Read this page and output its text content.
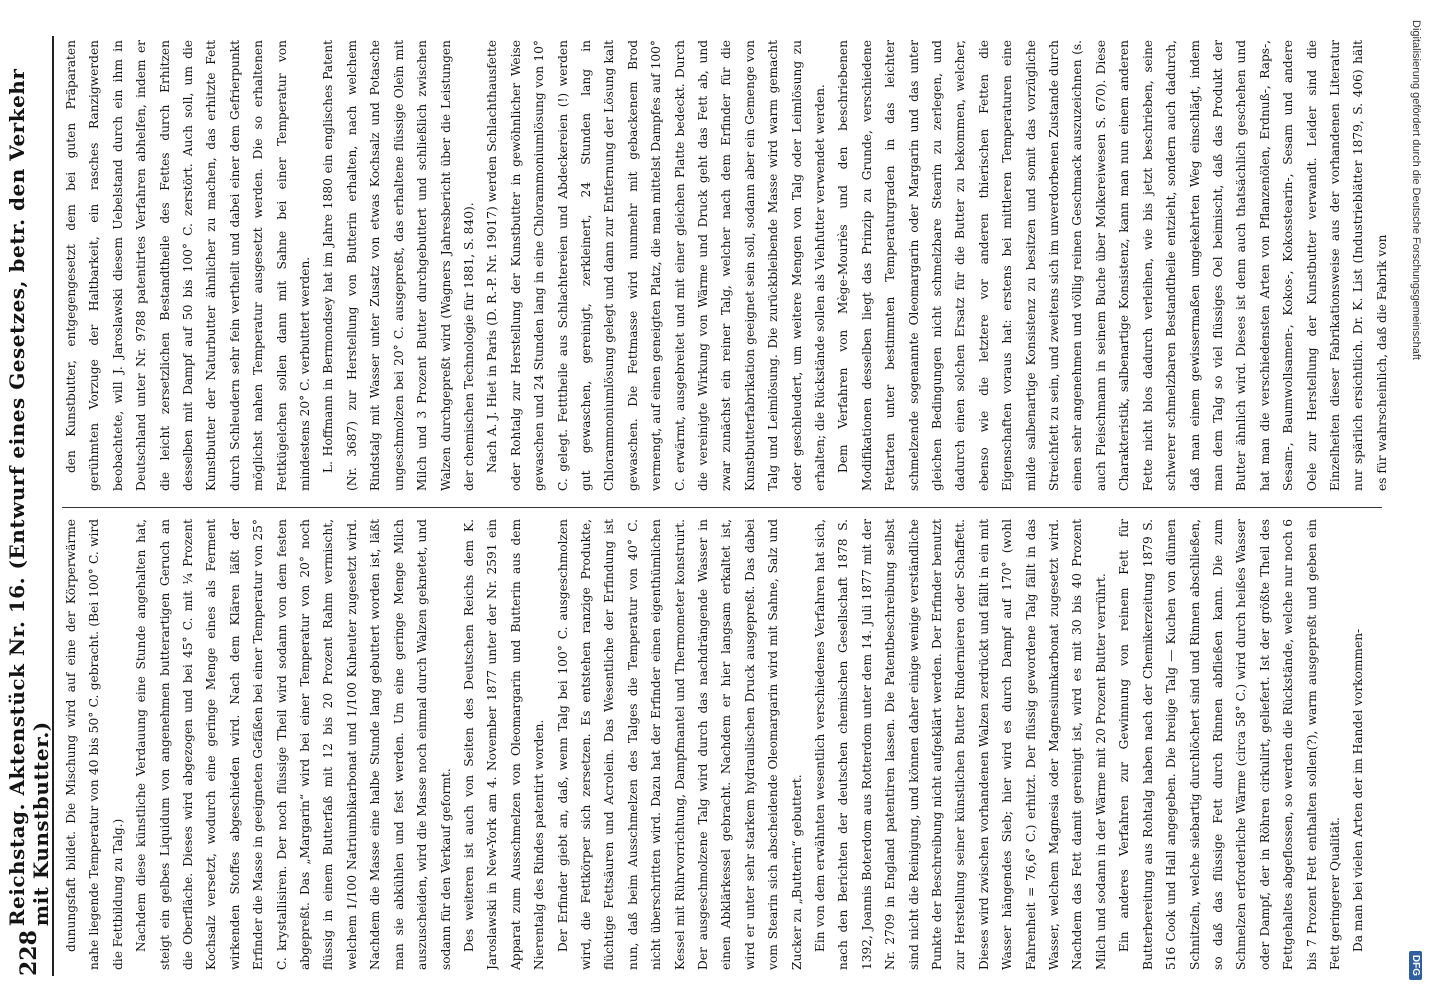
228
Reichstag. Aktenstück Nr. 16. (Entwurf eines Gesetzes, betr. den Verkehr mit Kunstbutter.) dunungsfaft bildet. Die Mischung wird auf eine der Körperwärme nahe liegende Temperatur von 40 bis 50° C. gebracht. (Bei 100° C. wird die Fettbildung zu Talg.) Nachdem diese künstliche Verdauung eine Stunde angehalten hat, steigt ein gelbes Liquidum von angenehmen butterartigen Geruch an die Oberfläche. Dieses wird abgezogen und bei 45° C. mit ¼ Prozent Kochsalz versetzt, wodurch eine geringe Menge eines als Ferment wirkenden Stoffes abgeschieden wird. Nach dem Klären läßt der Erfinder die Masse in geeigneten Gefäßen bei einer Temperatur von 25° C. krystallisiren. Der noch flüssige Theil wird sodann von dem festen abgepreßt. Das „Margarin“ wird bei einer Temperatur von 20° noch flüssig in einem Butterfaß mit 12 bis 20 Prozent Rahm vermischt, welchem 1/100 Natriumbikarbonat und 1/100 Kuheuter zugesetzt wird. Nachdem die Masse eine halbe Stunde lang gebuttert worden ist, läßt man sie abkühlen und fest werden. Um eine geringe Menge Milch auszuscheiden, wird die Masse noch einmal durch Walzen geknetet, und sodann für den Verkauf geformt. Des weiteren ist auch von Seiten des Deutschen Reichs dem K. Jaroslawski in New-York am 4. November 1877 unter der Nr. 2591 ein Apparat zum Ausschmelzen von Oleomargarin und Butterin aus dem Nierentalg des Rindes patentirt worden. Der Erfinder giebt an, daß, wenn Talg bei 100° C. ausgeschmolzen wird, die Fettkörper sich zersetzen. Es entstehen ranzige Produkte, flüchtige Fettsäuren und Acrolein. Das Wesentliche der Erfindung ist nun, daß beim Ausschmelzen des Talges die Temperatur von 40° C. nicht überschritten wird. Dazu hat der Erfinder einen eigenthümlichen Kessel mit Rührvorrichtung, Dampfmantel und Thermometer konstruirt. Der ausgeschmolzene Talg wird durch das nachdrängende Wasser in einen Abklärkessel gebracht. Nachdem er hier langsam erkaltet ist, wird er unter sehr starkem hydraulischen Druck ausgepreßt. Das dabei vom Stearin sich abscheidende Oleomargarin wird mit Sahne, Salz und Zucker zu „Butterin“ gebuttert. Ein von dem erwähnten wesentlich verschiedenes Verfahren hat sich, nach den Berichten der deutschen chemischen Gesellschaft 1878 S. 1392, Joannis Boterdom aus Rotterdom unter dem 14. Juli 1877 mit der Nr. 2709 in England patentiren lassen. Die Patentbeschreibung selbst sind nicht die Reinigung, und können daher einige wenige verständliche Punkte der Beschreibung nicht aufgeklärt werden. Der Erfinder benutzt zur Herstellung seiner künstlichen Butter Rindernieren oder Schaffett. Dieses wird zwischen vorhandenen Walzen zerdrückt und fällt in ein mit Wasser hängendes Sieb; hier wird es durch Dampf auf 170° (wohl Fahrenheit = 76,6° C.) erhitzt. Der flüssig gewordene Talg fällt in das Wasser, welchem Magnesia oder Magnesiumkarbonat zugesetzt wird. Nachdem das Fett damit gereinigt ist, wird es mit 30 bis 40 Prozent Milch und sodann in der Wärme mit 20 Prozent Butter verrührt. Ein anderes Verfahren zur Gewinnung von reinem Fett für Butterbereitung aus Rohtalg haben nach der Chemikerzeitung 1879 S. 516 Cook und Hall angegeben. Die breiige Talg — Kuchen von dünnen Schnitzeln, welche siebartig durchlöchert sind und Rinnen abschließen, so daß das flüssige Fett durch Rinnen abfließen kann. Die zum Schmelzen erforderliche Wärme (circa 58° C.) wird durch heißes Wasser oder Dampf, der in Röhren cirkulirt, geliefert. Ist der größte Theil des Fettgehaltes abgeflossen, so werden die Rückstände, welche nur noch 6 bis 7 Prozent Fett enthalten sollen(?), warm ausgepreßt und geben ein Fett geringerer Qualität. Da man bei vielen Arten der im Handel vorkommen-

den Kunstbutter, entgegengesetzt dem bei guten Präparaten gerühmten Vorzuge der Haltbarkeit, ein rasches Ranzigwerden beobachtete, will J. Jaroslawski diesem Uebelstand durch ein ihm in Deutschland unter Nr. 9788 patentirtes Verfahren abhelfen, indem er die leicht zersetzlichen Bestandtheile des Fettes durch Erhitzen desselben mit Dampf auf 50 bis 100° C. zerstört. Auch soll, um die Kunstbutter der Naturbutter ähnlicher zu machen, das erhitzte Fett durch Schleudern sehr fein vertheilt und dabei einer dem Gefrierpunkt möglichst nahen Temperatur ausgesetzt werden. Die so erhaltenen Fettkügelchen sollen dann mit Sahne bei einer Temperatur von mindestens 20° C. verbuttert werden. L. Hoffmann in Bermondsey hat im Jahre 1880 ein englisches Patent (Nr. 3687) zur Herstellung von Butterin erhalten, nach welchem Rindstalg mit Wasser unter Zusatz von etwas Kochsalz und Potasche ungeschmolzen bei 20° C. ausgepreßt, das erhaltene flüssige Oleïn mit Milch und 3 Prozent Butter durchgebuttert und schließlich zwischen Walzen durchgepreßt wird (Wagners Jahresbericht über die Leistungen der chemischen Technologie für 1881, S. 840). Nach A. J. Hiet in Paris (D. R.-P. Nr. 19017) werden Schlachthausfette oder Rohtalg zur Herstellung der Kunstbutter in gewöhnlicher Weise gewaschen und 24 Stunden lang in eine Chlorammoniumlösung von 10° C. gelegt. Fetttheile aus Schlachtereien und Abdeckereien (!) werden gut gewaschen, gereinigt, zerkleinert, 24 Stunden lang in Chlorammoniumlösung gelegt und dann zur Entfernung der Lösung kalt gewaschen. Die Fettmasse wird nunmehr mit gebackenem Brod vermengt, auf einen geneigten Platz, die man mittelst Dampfes auf 100° C. erwärmt, ausgebreitet und mit einer gleichen Platte bedeckt. Durch die vereinigte Wirkung von Wärme und Druck geht das Fett ab, und zwar zunächst ein reiner Talg, welcher nach dem Erfinder für die Kunstbutterfabrikation geeignet sein soll, sodann aber ein Gemenge von Talg und Leimlösung. Die zurückbleibende Masse wird warm gemacht oder geschleudert, um weitere Mengen von Talg oder Leimlösung zu erhalten; die Rückstände sollen als Viehfutter verwendet werden. Dem Verfahren von Mège-Mouriès und den beschriebenen Modifikationen desselben liegt das Prinzip zu Grunde, verschiedene Fettarten unter bestimmten Temperaturgraden in das leichter schmelzende sogenannte Oleomargarin oder Margarin und das unter gleichen Bedingungen nicht schmelzbare Stearin zu zerlegen, und dadurch einen solchen Ersatz für die Butter zu bekommen, welcher, ebenso wie die letztere vor anderen thierischen Fetten die Eigenschaften voraus hat: erstens bei mittleren Temperaturen eine milde salbenartige Konsistenz zu besitzen und somit das vorzügliche Streichfett zu sein, und zweitens sich im unverdorbenen Zustande durch einen sehr angenehmen und völlig reinen Geschmack auszuzeichnen (s. auch Fleischmann in seinem Buche über Molkereiwesen S. 670). Diese Charakteristik, salbenartige Konsistenz, kann man nun einem anderen Fette nicht blos dadurch verleihen, wie bis jetzt beschrieben, seine schwerer schmelzbaren Bestandtheile entzieht, sondern auch dadurch, daß man einem gewissermaßen umgekehrten Weg einschlägt, indem man dem Talg so viel flüssiges Oel beimischt, daß das Produkt der Butter ähnlich wird. Dieses ist denn auch thatsächlich geschehen und hat man die verschiedensten Arten von Pflanzenölen, Erdnuß-, Raps-, Sesam-, Baumwollsamen-, Kokos-, Kokosstearin-, Sesam und andere Oele zur Herstellung der Kunstbutter verwandt. Leider sind die Einzelheiten dieser Fabrikationsweise aus der vorhandenen Literatur nur spärlich ersichtlich. Dr. K. List (Industrieblätter 1879, S. 406) hält es für wahrscheinlich, daß die Fabrik von

Digitalisierung gefördert durch die Deutsche Forschungsgemeinschaft
DFG
